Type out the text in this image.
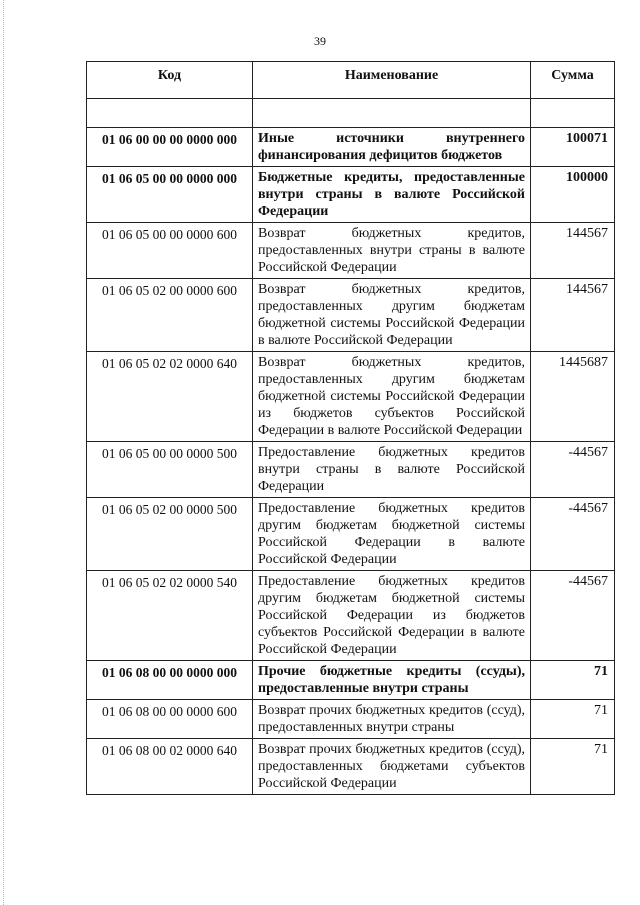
39
Код	Наименование	Сумма

01 06 00 00 00 0000 000	Иные источники внутреннего финансирования дефицитов бюджетов	100071
01 06 05 00 00 0000 000	Бюджетные кредиты, предоставленные внутри страны в валюте Российской Федерации	100000
01 06 05 00 00 0000 600	Возврат бюджетных кредитов, предоставленных внутри страны в валюте Российской Федерации	144567
01 06 05 02 00 0000 600	Возврат бюджетных кредитов, предоставленных другим бюджетам бюджетной системы Российской Федерации в валюте Российской Федерации	144567
01 06 05 02 02 0000 640	Возврат бюджетных кредитов, предоставленных другим бюджетам бюджетной системы Российской Федерации из бюджетов субъектов Российской Федерации в валюте Российской Федерации	1445687
01 06 05 00 00 0000 500	Предоставление бюджетных кредитов внутри страны в валюте Российской Федерации	-44567
01 06 05 02 00 0000 500	Предоставление бюджетных кредитов другим бюджетам бюджетной системы Российской Федерации в валюте Российской Федерации	-44567
01 06 05 02 02 0000 540	Предоставление бюджетных кредитов другим бюджетам бюджетной системы Российской Федерации из бюджетов субъектов Российской Федерации в валюте Российской Федерации	-44567
01 06 08 00 00 0000 000	Прочие бюджетные кредиты (ссуды), предоставленные внутри страны	71
01 06 08 00 00 0000 600	Возврат прочих бюджетных кредитов (ссуд), предоставленных внутри страны	71
01 06 08 00 02 0000 640	Возврат прочих бюджетных кредитов (ссуд), предоставленных бюджетами субъектов Российской Федерации	71
